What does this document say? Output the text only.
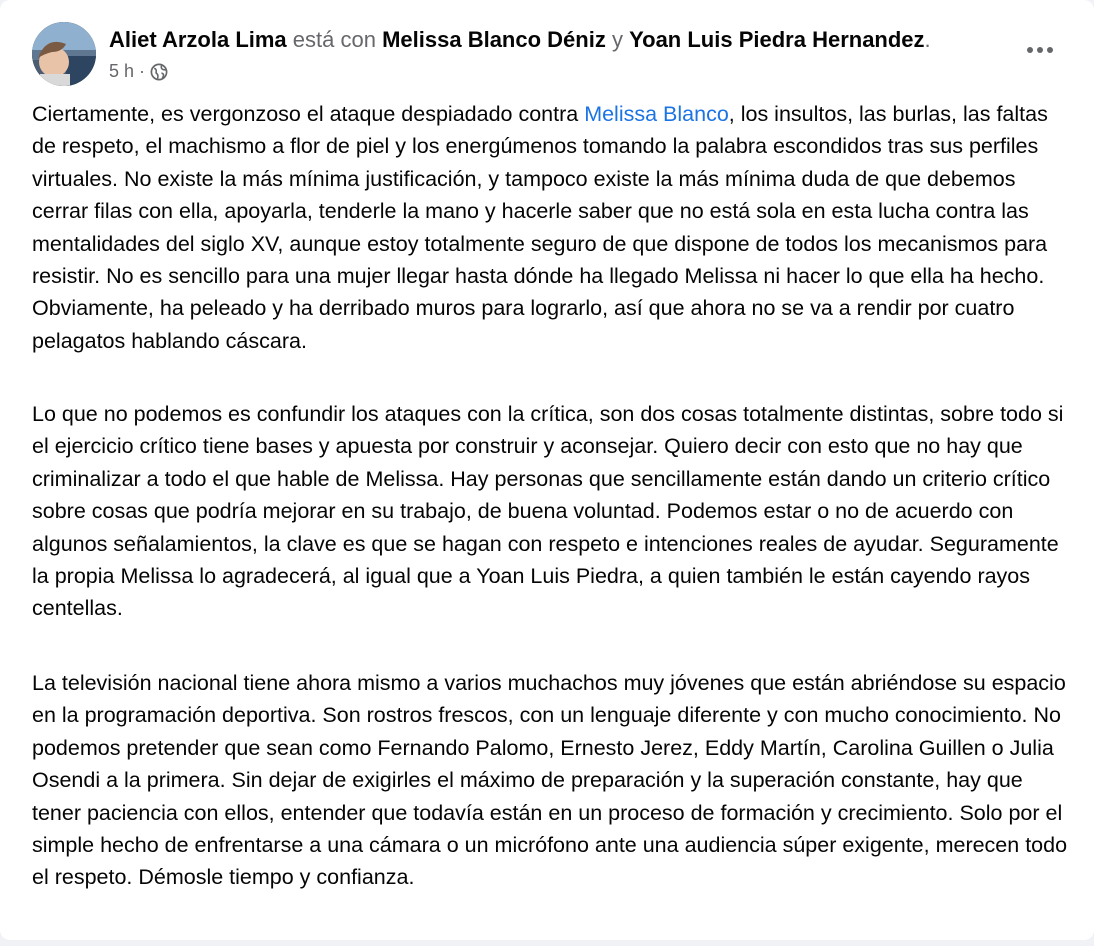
Aliet Arzola Lima está con Melissa Blanco Déniz y Yoan Luis Piedra Hernandez.
5 h ·

Ciertamente, es vergonzoso el ataque despiadado contra Melissa Blanco, los insultos, las burlas, las faltas de respeto, el machismo a flor de piel y los energúmenos tomando la palabra escondidos tras sus perfiles virtuales. No existe la más mínima justificación, y tampoco existe la más mínima duda de que debemos cerrar filas con ella, apoyarla, tenderle la mano y hacerle saber que no está sola en esta lucha contra las mentalidades del siglo XV, aunque estoy totalmente seguro de que dispone de todos los mecanismos para resistir. No es sencillo para una mujer llegar hasta dónde ha llegado Melissa ni hacer lo que ella ha hecho. Obviamente, ha peleado y ha derribado muros para lograrlo, así que ahora no se va a rendir por cuatro pelagatos hablando cáscara.

Lo que no podemos es confundir los ataques con la crítica, son dos cosas totalmente distintas, sobre todo si el ejercicio crítico tiene bases y apuesta por construir y aconsejar. Quiero decir con esto que no hay que criminalizar a todo el que hable de Melissa. Hay personas que sencillamente están dando un criterio crítico sobre cosas que podría mejorar en su trabajo, de buena voluntad. Podemos estar o no de acuerdo con algunos señalamientos, la clave es que se hagan con respeto e intenciones reales de ayudar. Seguramente la propia Melissa lo agradecerá, al igual que a Yoan Luis Piedra, a quien también le están cayendo rayos centellas.

La televisión nacional tiene ahora mismo a varios muchachos muy jóvenes que están abriéndose su espacio en la programación deportiva. Son rostros frescos, con un lenguaje diferente y con mucho conocimiento. No podemos pretender que sean como Fernando Palomo, Ernesto Jerez, Eddy Martín, Carolina Guillen o Julia Osendi a la primera. Sin dejar de exigirles el máximo de preparación y la superación constante, hay que tener paciencia con ellos, entender que todavía están en un proceso de formación y crecimiento. Solo por el simple hecho de enfrentarse a una cámara o un micrófono ante una audiencia súper exigente, merecen todo el respeto. Démosle tiempo y confianza.
